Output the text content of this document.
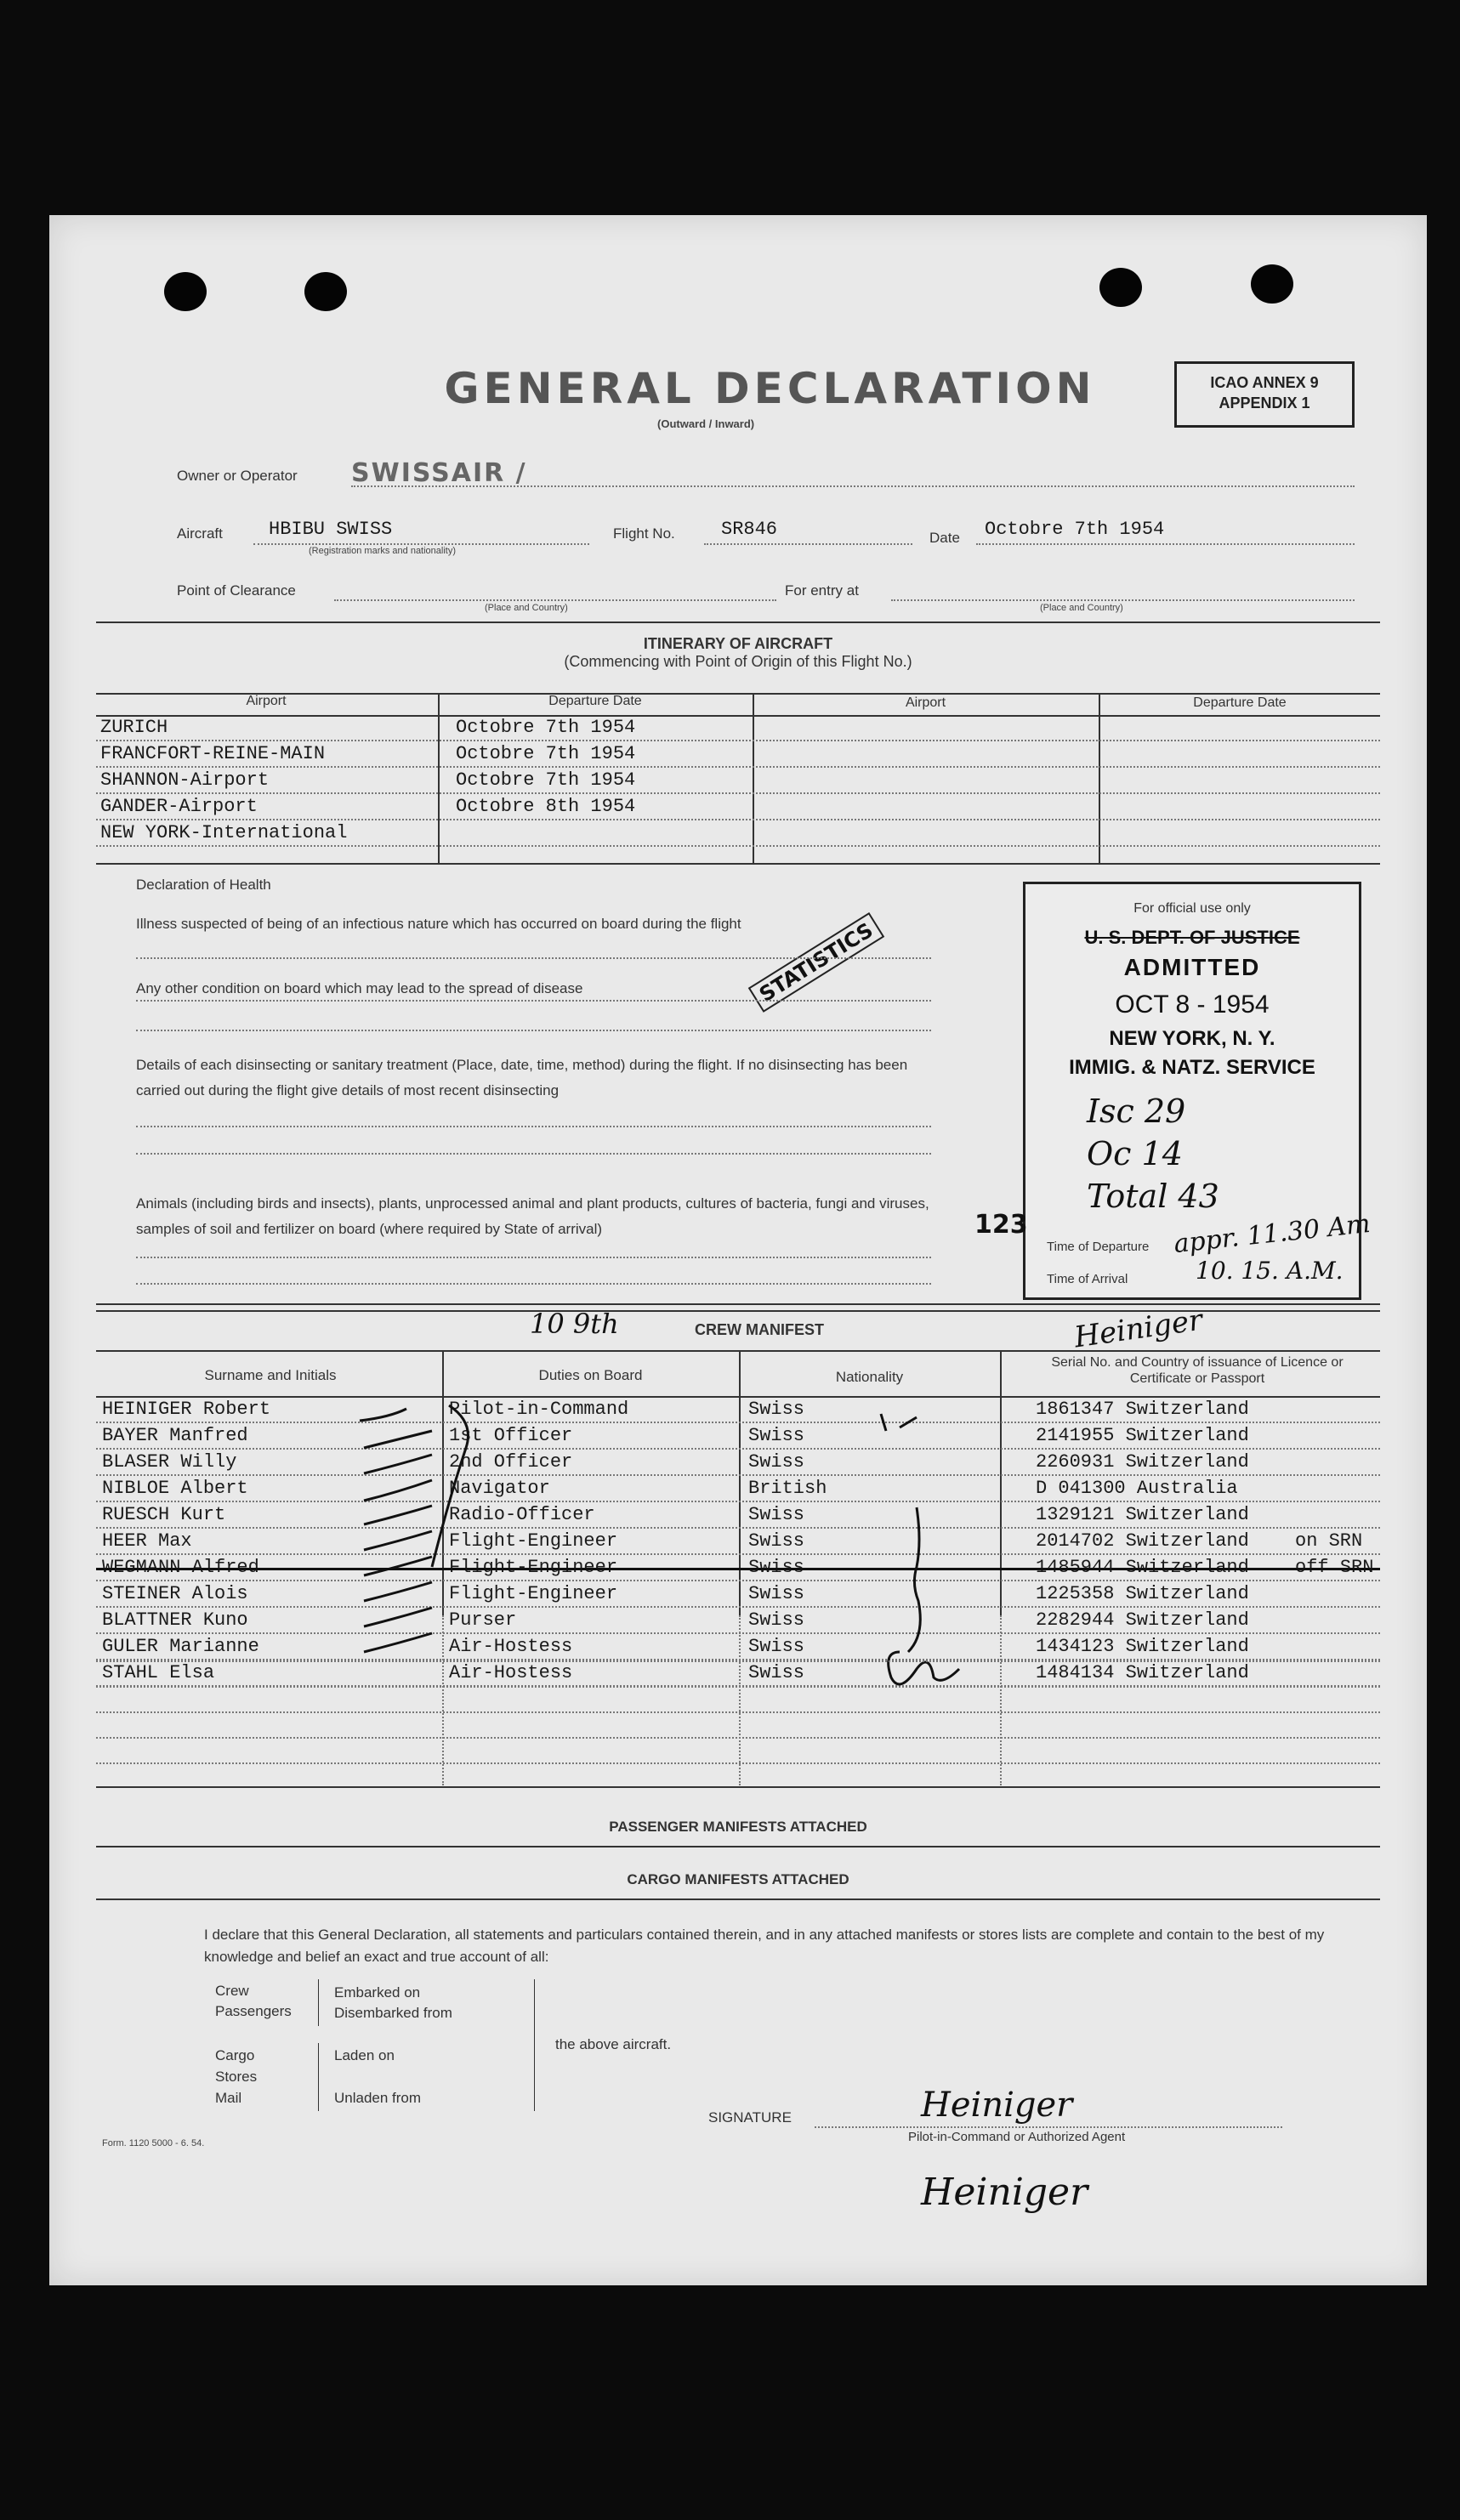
GENERAL DECLARATION
(Outward / Inward)
ICAO ANNEX 9
APPENDIX 1
Owner or Operator SWISSAIR /
Aircraft HBIBU SWISS
(Registration marks and nationality)
Flight No. SR846	Date Octobre 7th 1954
Point of Clearance
(Place and Country)
For entry at
(Place and Country)
ITINERARY OF AIRCRAFT
(Commencing with Point of Origin of this Flight No.)
Airport	Departure Date	Airport	Departure Date
ZURICH	Octobre 7th 1954
FRANCFORT-REINE-MAIN	Octobre 7th 1954
SHANNON-Airport	Octobre 7th 1954
GANDER-Airport	Octobre 8th 1954
NEW YORK-International
STATISTICS
Declaration of Health
Illness suspected of being of an infectious nature which has occurred on board during the flight
Any other condition on board which may lead to the spread of disease
Details of each disinsecting or sanitary treatment (Place, date, time, method) during the flight. If no disinsecting has been carried out during the flight give details of most recent disinsecting
Animals (including birds and insects), plants, unprocessed animal and plant products, cultures of bacteria, fungi and viruses, samples of soil and fertilizer on board (where required by State of arrival)
For official use only
U. S. DEPT. OF JUSTICE
ADMITTED
OCT 8 - 1954
NEW YORK, N. Y.
IMMIG. & NATZ. SERVICE
Isc 29
Oc 14
Total 43
Time of Departure
Time of Arrival
appr. 11.30 Am
10. 15. A.M.
123
CREW MANIFEST
10 9th	Heiniger
Surname and Initials	Duties on Board	Nationality
Serial No. and Country of issuance of Licence or Certificate or Passport
HEINIGER Robert	Pilot-in-Command	Swiss	1861347 Switzerland
BAYER Manfred	1st Officer	Swiss	2141955 Switzerland
BLASER Willy	2nd Officer	Swiss	2260931 Switzerland
NIBLOE Albert	Navigator	British	D 041300 Australia
RUESCH Kurt	Radio-Officer	Swiss	1329121 Switzerland
HEER Max	Flight-Engineer	Swiss	2014702 Switzerland on SRN
WEGMANN Alfred	Flight-Engineer	Swiss	1485944 Switzerland off SRN
STEINER Alois	Flight-Engineer	Swiss	1225358 Switzerland
BLATTNER Kuno	Purser	Swiss	2282944 Switzerland
GULER Marianne	Air-Hostess	Swiss	1434123 Switzerland
STAHL Elsa	Air-Hostess	Swiss	1484134 Switzerland
PASSENGER MANIFESTS ATTACHED
CARGO MANIFESTS ATTACHED
I declare that this General Declaration, all statements and particulars contained therein, and in any attached manifests or stores lists are complete and contain to the best of my knowledge and belief an exact and true account of all:
Crew
Passengers
Embarked on
Disembarked from
Cargo
Stores
Mail
Laden on
Unladen from
the above aircraft.
SIGNATURE	Heiniger
Pilot-in-Command or Authorized Agent
Heiniger
Form. 1120 5000 - 6. 54.
